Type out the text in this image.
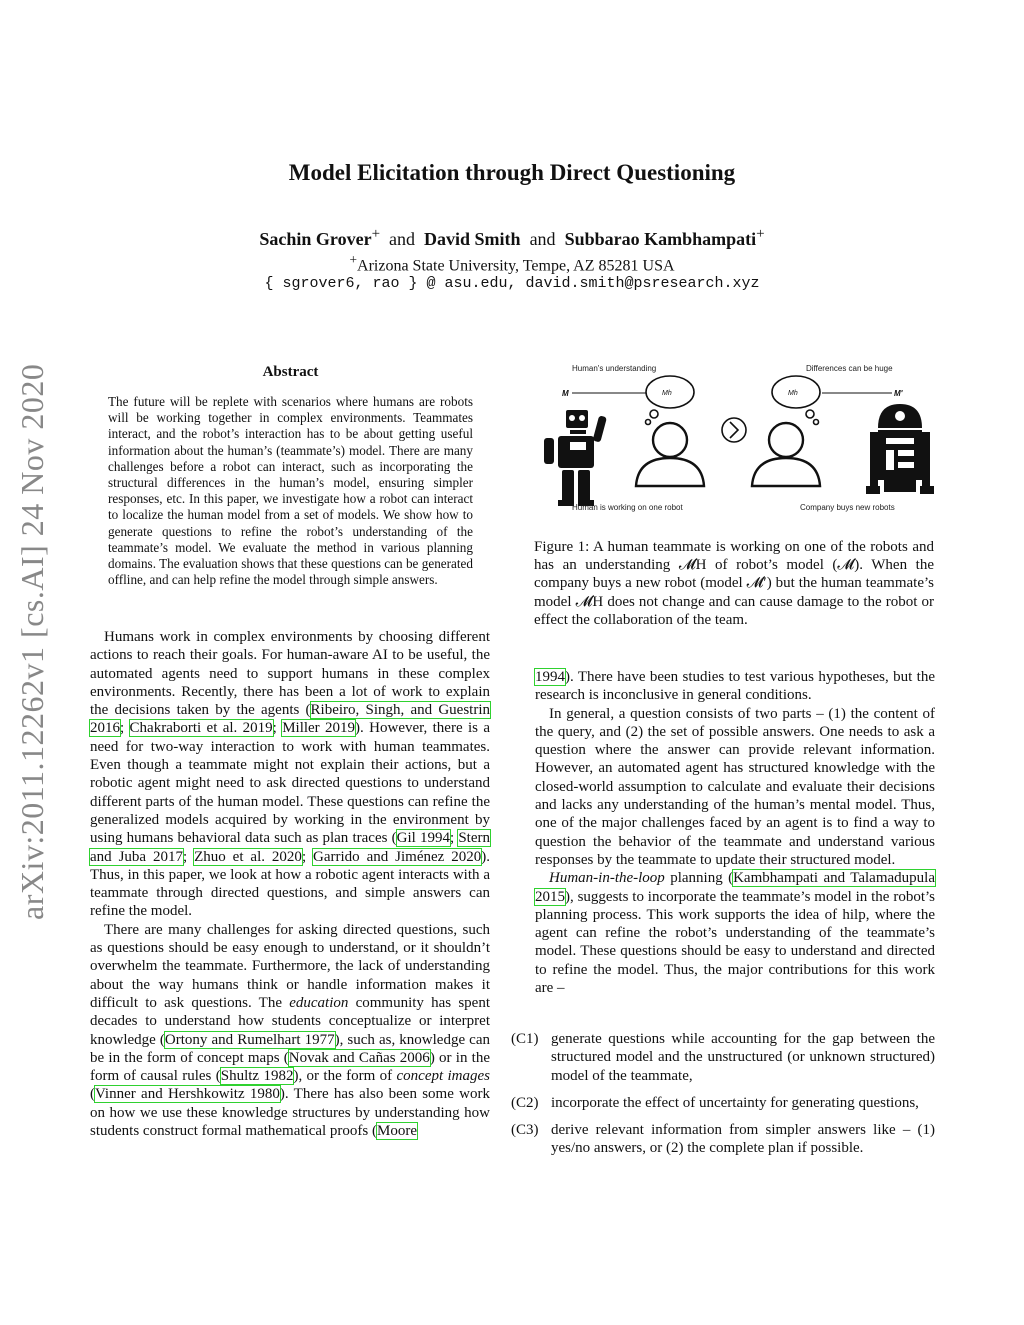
arXiv:2011.12262v1 [cs.AI] 24 Nov 2020
Model Elicitation through Direct Questioning
Sachin Grover+ and David Smith and Subbarao Kambhampati+
+Arizona State University, Tempe, AZ 85281 USA
{ sgrover6, rao } @ asu.edu, david.smith@psresearch.xyz
Abstract
The future will be replete with scenarios where humans are robots will be working together in complex environments. Teammates interact, and the robot’s interaction has to be about getting useful information about the human’s (teammate’s) model. There are many challenges before a robot can interact, such as incorporating the structural differences in the human’s model, ensuring simpler responses, etc. In this paper, we investigate how a robot can interact to localize the human model from a set of models. We show how to generate questions to refine the robot’s understanding of the teammate’s model. We evaluate the method in various planning domains. The evaluation shows that these questions can be generated offline, and can help refine the model through simple answers.

Humans work in complex environments by choosing different actions to reach their goals. For human-aware AI to be useful, the automated agents need to support humans in these complex environments. Recently, there has been a lot of work to explain the decisions taken by the agents (Ribeiro, Singh, and Guestrin 2016; Chakraborti et al. 2019; Miller 2019). However, there is a need for two-way interaction to work with human teammates. Even though a teammate might not explain their actions, but a robotic agent might need to ask directed questions to understand different parts of the human model. These questions can refine the generalized models acquired by working in the environment by using humans behavioral data such as plan traces (Gil 1994; Stern and Juba 2017; Zhuo et al. 2020; Garrido and Jiménez 2020). Thus, in this paper, we look at how a robotic agent interacts with a teammate through directed questions, and simple answers can refine the model.

There are many challenges for asking directed questions, such as questions should be easy enough to understand, or it shouldn’t overwhelm the teammate. Furthermore, the lack of understanding about the way humans think or handle information makes it difficult to ask questions. The education community has spent decades to understand how students conceptualize or interpret knowledge (Ortony and Rumelhart 1977), such as, knowledge can be in the form of concept maps (Novak and Cañas 2006) or in the form of causal rules (Shultz 1982), or the form of concept images (Vinner and Hershkowitz 1980). There has also been some work on how we use these knowledge structures by understanding how students construct formal mathematical proofs (Moore

Human's understanding	Differences can be huge
Mh
M	Mh	M'
Human is working on one robot	Company buys new robots
Figure 1: A human teammate is working on one of the robots and has an understanding 𝓜H of robot’s model (𝓜). When the company buys a new robot (model 𝓜′) but the human teammate’s model 𝓜H does not change and can cause damage to the robot or effect the collaboration of the team.

1994). There have been studies to test various hypotheses, but the research is inconclusive in general conditions.

In general, a question consists of two parts – (1) the content of the query, and (2) the set of possible answers. One needs to ask a question where the answer can provide relevant information. However, an automated agent has structured knowledge with the closed-world assumption to calculate and evaluate their decisions and lacks any understanding of the human’s mental model. Thus, one of the major challenges faced by an agent is to find a way to question the behavior of the teammate and understand various responses by the teammate to update their structured model.

Human-in-the-loop planning (Kambhampati and Talamadupula 2015), suggests to incorporate the teammate’s model in the robot’s planning process. This work supports the idea of hilp, where the agent can refine the robot’s understanding of the teammate’s model. These questions should be easy to understand and directed to refine the model. Thus, the major contributions for this work are –

(C1) generate questions while accounting for the gap between the structured model and the unstructured (or unknown structured) model of the teammate,
(C2) incorporate the effect of uncertainty for generating questions,
(C3) derive relevant information from simpler answers like – (1) yes/no answers, or (2) the complete plan if possible.
